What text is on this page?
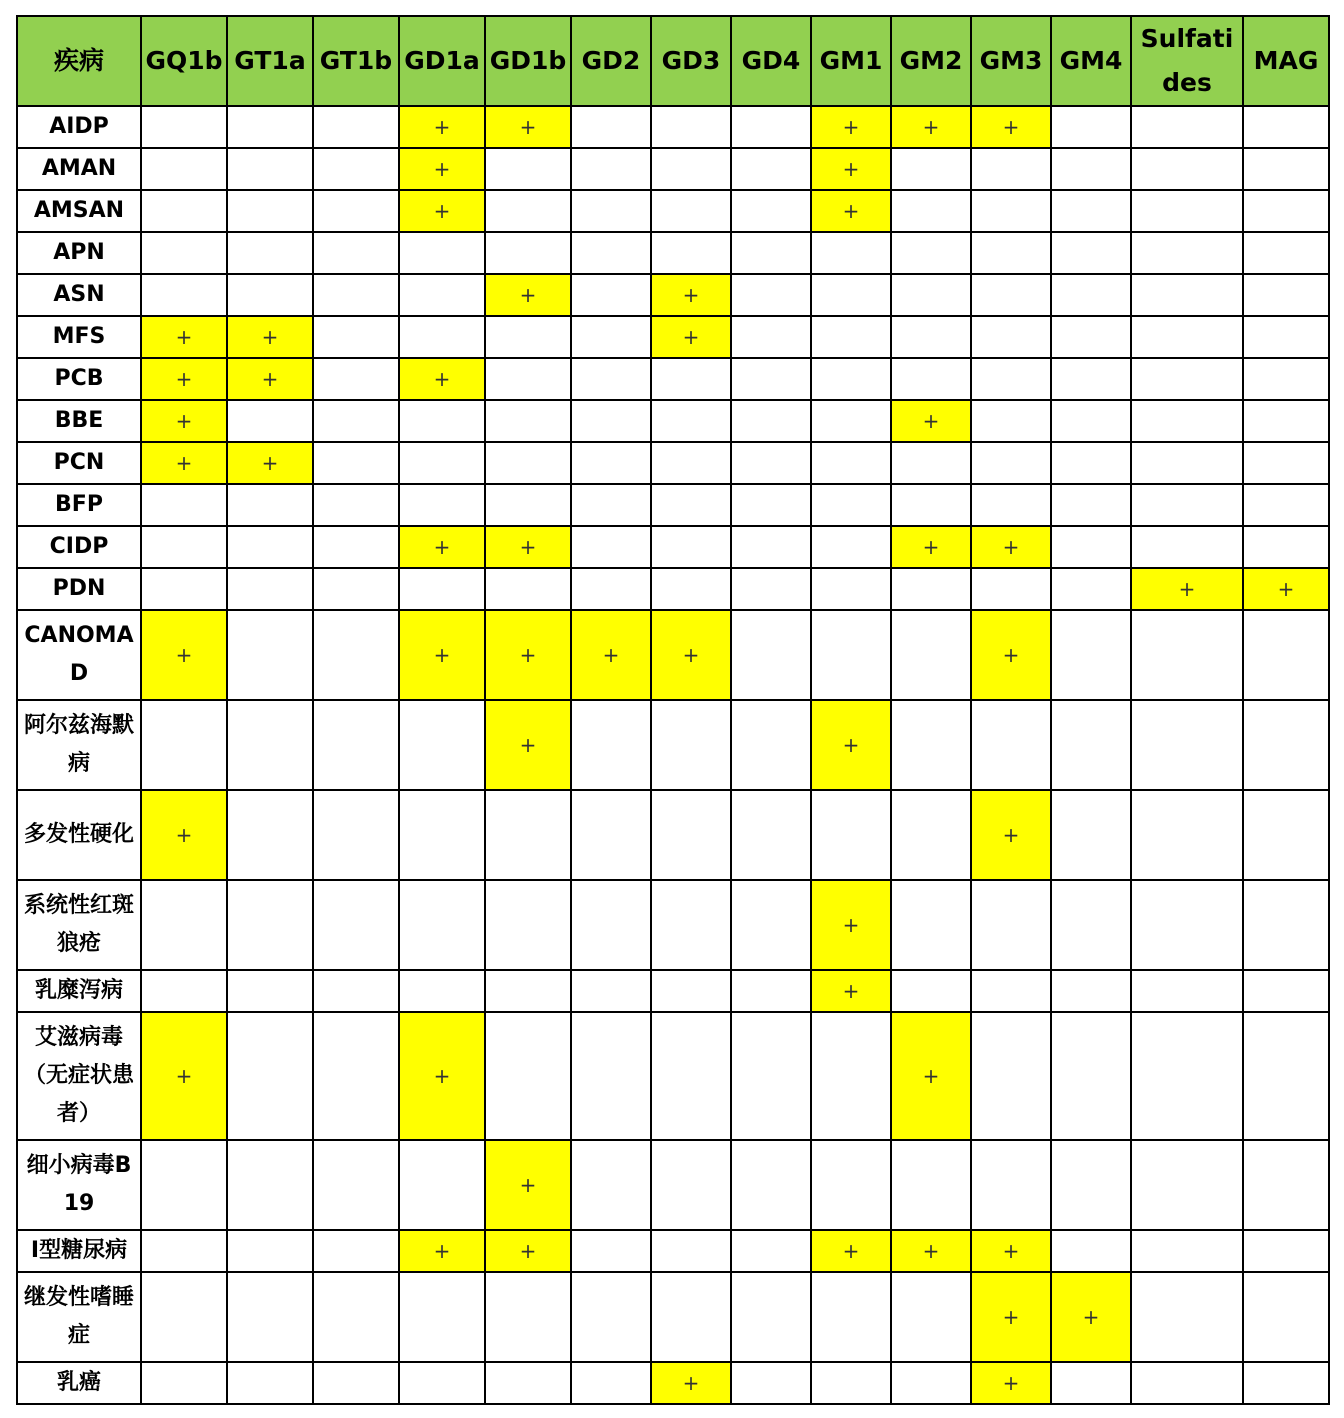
疾病	GQ1b	GT1a	GT1b	GD1a	GD1b	GD2	GD3	GD4	GM1	GM2	GM3	GM4	Sulfatides	MAG
AIDP				+	+				+	+	+			
AMAN				+					+					
AMSAN				+					+					
APN														
ASN					+		+							
MFS	+	+					+							
PCB	+	+		+										
BBE	+									+				
PCN	+	+												
BFP														
CIDP				+	+					+	+			
PDN													+	+
CANOMAD	+			+	+	+	+				+			
阿尔兹海默病					+				+					
多发性硬化	+										+			
系统性红斑狼疮									+					
乳糜泻病									+					
艾滋病毒（无症状患者）	+			+						+				
细小病毒B19					+									
I型糖尿病				+	+				+	+	+			
继发性嗜睡症											+	+		
乳癌							+				+			
